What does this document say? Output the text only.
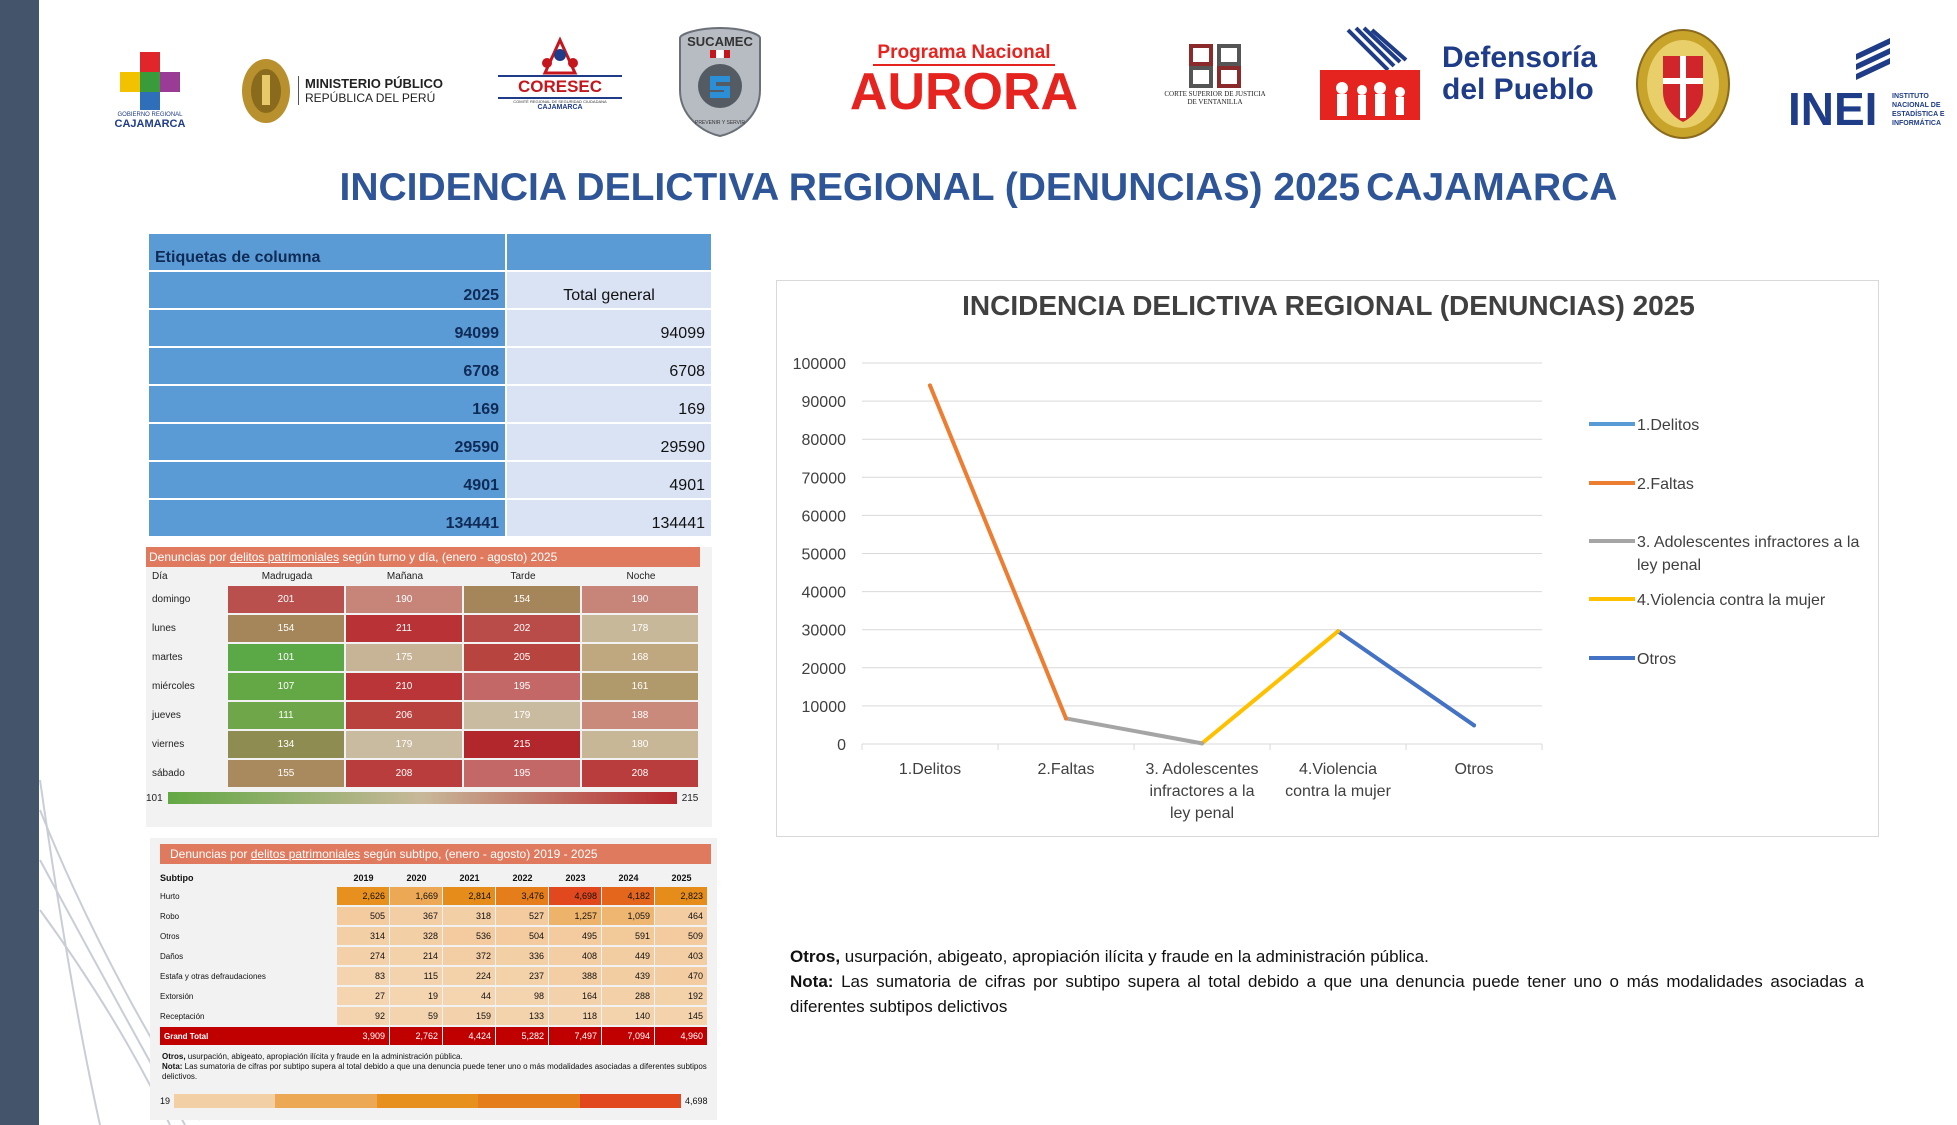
GOBIERNO REGIONAL
CAJAMARCA
MINISTERIO PÚBLICO
REPÚBLICA DEL PERÚ
CORESEC
COMITÉ REGIONAL DE SEGURIDAD CIUDADANA
CAJAMARCA
SUCAMEC
PREVENIR Y SERVIR
Programa Nacional
AURORA	CORTE SUPERIOR DE JUSTICIA
DE VENTANILLA
Defensoría
del Pueblo	INEI INSTITUTO
NACIONAL DE
ESTADÍSTICA E
INFORMÁTICA
INCIDENCIA DELICTIVA REGIONAL (DENUNCIAS) 2025 CAJAMARCA
Etiquetas de columna
2025	Total general
94099	94099
6708	6708
169	169
29590	29590
4901	4901
134441	134441
Denuncias por delitos patrimoniales según turno y día, (enero - agosto) 2025
Día	Madrugada	Mañana	Tarde	Noche
domingo	201	190	154	190
lunes	154	211	202	178
martes	101	175	205	168
miércoles	107	210	195	161
jueves	111	206	179	188
viernes	134	179	215	180
sábado	155	208	195	208
101	215
Denuncias por delitos patrimoniales según subtipo, (enero - agosto) 2019 - 2025
Subtipo	2019	2020	2021	2022	2023	2024	2025
Hurto	2,626	1,669	2,814	3,476	4,698	4,182	2,823
Robo	505	367	318	527	1,257	1,059	464
Otros	314	328	536	504	495	591	509
Daños	274	214	372	336	408	449	403
Estafa y otras defraudaciones	83	115	224	237	388	439	470
Extorsión	27	19	44	98	164	288	192
Receptación	92	59	159	133	118	140	145
Grand Total	3,909	2,762	4,424	5,282	7,497	7,094	4,960
Otros, usurpación, abigeato, apropiación ilícita y fraude en la administración pública.
Nota: Las sumatoria de cifras por subtipo supera al total debido a que una denuncia puede tener uno o más modalidades asociadas a diferentes subtipos delictivos.
19	4,698
INCIDENCIA DELICTIVA REGIONAL (DENUNCIAS) 2025
0
10000
20000
30000
40000
50000
60000
70000
80000
90000
100000
1.Delitos	2.Faltas	3. Adolescentes infractores a la ley penal
4.Violencia contra la mujer
Otros
1.Delitos
2.Faltas
3. Adolescentes infractores a la ley penal
4.Violencia contra la mujer
Otros
Otros, usurpación, abigeato, apropiación ilícita y fraude en la administración pública.
Nota: Las sumatoria de cifras por subtipo supera al total debido a que una denuncia puede tener uno o más modalidades asociadas a diferentes subtipos delictivos
